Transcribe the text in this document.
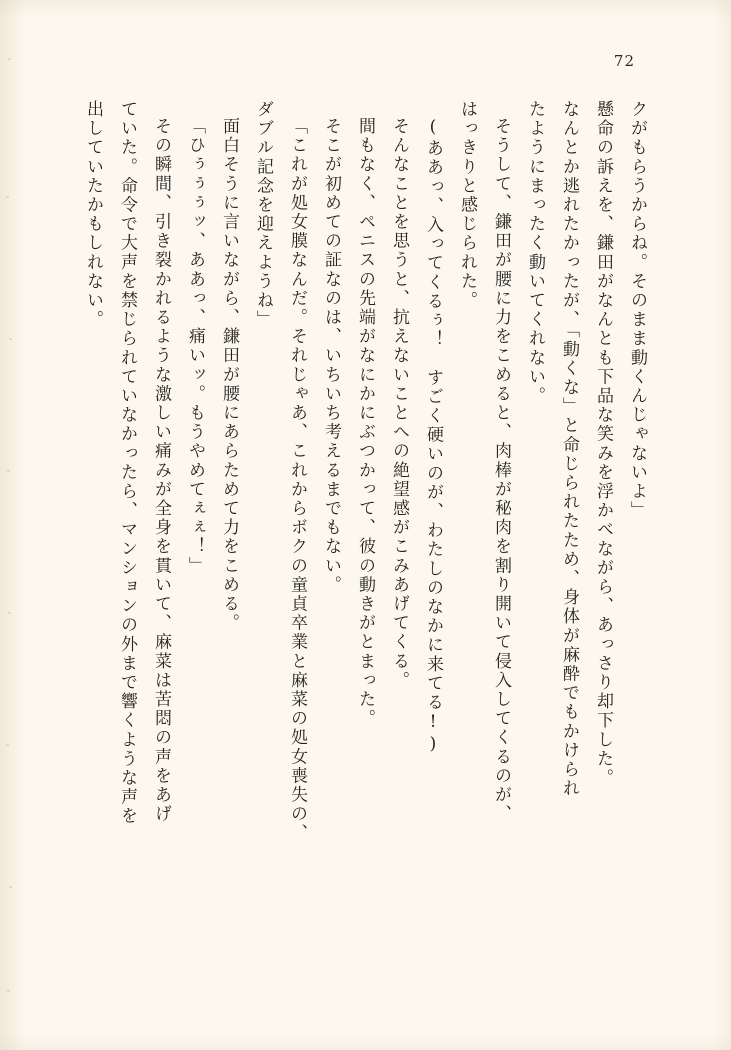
72
クがもらうからね。そのまま動くんじゃないよ」
懸命の訴えを、鎌田がなんとも下品な笑みを浮かべながら、あっさり却下した。
なんとか逃れたかったが、「動くな」と命じられたため、身体が麻酔でもかけられ
たようにまったく動いてくれない。
そうして、鎌田が腰に力をこめると、肉棒が秘肉を割り開いて侵入してくるのが、
はっきりと感じられた。
(ああっ、入ってくるぅ！　すごく硬いのが、わたしのなかに来てる!)
そんなことを思うと、抗えないことへの絶望感がこみあげてくる。
間もなく、ペニスの先端がなにかにぶつかって、彼の動きがとまった。
そこが初めての証なのは、いちいち考えるまでもない。
「これが処女膜なんだ。それじゃあ、これからボクの童貞卒業と麻菜の処女喪失の、
ダブル記念を迎えようね」
面白そうに言いながら、鎌田が腰にあらためて力をこめる。
「ひぅぅぅッ、ああっ、痛いッ。もうやめてぇぇ！」
その瞬間、引き裂かれるような激しい痛みが全身を貫いて、麻菜は苦悶の声をあげ
ていた。命令で大声を禁じられていなかったら、マンションの外まで響くような声を
出していたかもしれない。
